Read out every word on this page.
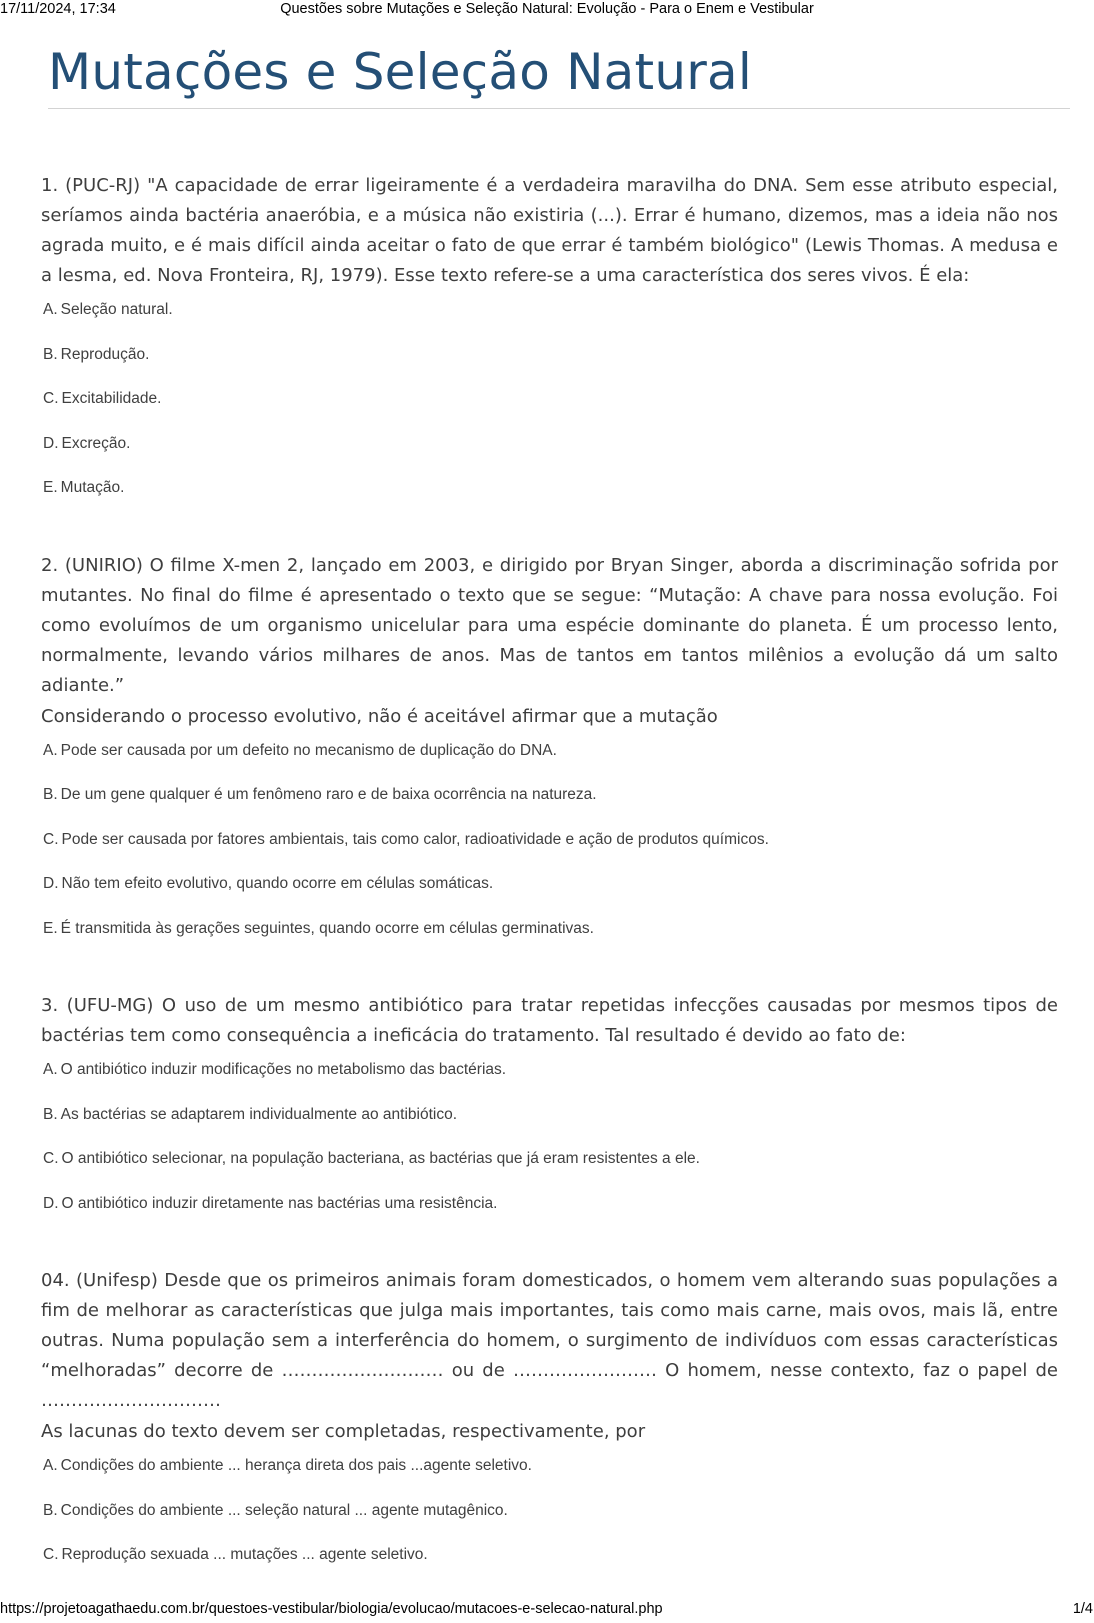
17/11/2024, 17:34	Questões sobre Mutações e Seleção Natural: Evolução - Para o Enem e Vestibular
Mutações e Seleção Natural

1. (PUC-RJ) "A capacidade de errar ligeiramente é a verdadeira maravilha do DNA. Sem esse atributo especial, seríamos ainda bactéria anaeróbia, e a música não existiria (...). Errar é humano, dizemos, mas a ideia não nos agrada muito, e é mais difícil ainda aceitar o fato de que errar é também biológico" (Lewis Thomas. A medusa e a lesma, ed. Nova Fronteira, RJ, 1979). Esse texto refere-se a uma característica dos seres vivos. É ela:

A. Seleção natural.
B. Reprodução.
C. Excitabilidade.
D. Excreção.
E. Mutação.

2. (UNIRIO) O filme X-men 2, lançado em 2003, e dirigido por Bryan Singer, aborda a discriminação sofrida por mutantes. No final do filme é apresentado o texto que se segue: “Mutação: A chave para nossa evolução. Foi como evoluímos de um organismo unicelular para uma espécie dominante do planeta. É um processo lento, normalmente, levando vários milhares de anos. Mas de tantos em tantos milênios a evolução dá um salto adiante.”

Considerando o processo evolutivo, não é aceitável afirmar que a mutação

A. Pode ser causada por um defeito no mecanismo de duplicação do DNA.
B. De um gene qualquer é um fenômeno raro e de baixa ocorrência na natureza.
C. Pode ser causada por fatores ambientais, tais como calor, radioatividade e ação de produtos químicos.
D. Não tem efeito evolutivo, quando ocorre em células somáticas.
E. É transmitida às gerações seguintes, quando ocorre em células germinativas.

3. (UFU-MG) O uso de um mesmo antibiótico para tratar repetidas infecções causadas por mesmos tipos de bactérias tem como consequência a ineficácia do tratamento. Tal resultado é devido ao fato de:

A. O antibiótico induzir modificações no metabolismo das bactérias.
B. As bactérias se adaptarem individualmente ao antibiótico.
C. O antibiótico selecionar, na população bacteriana, as bactérias que já eram resistentes a ele.
D. O antibiótico induzir diretamente nas bactérias uma resistência.

04. (Unifesp) Desde que os primeiros animais foram domesticados, o homem vem alterando suas populações a fim de melhorar as características que julga mais importantes, tais como mais carne, mais ovos, mais lã, entre outras. Numa população sem a interferência do homem, o surgimento de indivíduos com essas características “melhoradas” decorre de ……………………… ou de …………………… O homem, nesse contexto, faz o papel de …………………………

As lacunas do texto devem ser completadas, respectivamente, por

A. Condições do ambiente ... herança direta dos pais ...agente seletivo.
B. Condições do ambiente ... seleção natural ... agente mutagênico.
C. Reprodução sexuada ... mutações ... agente seletivo.
https://projetoagathaedu.com.br/questoes-vestibular/biologia/evolucao/mutacoes-e-selecao-natural.php	1/4
